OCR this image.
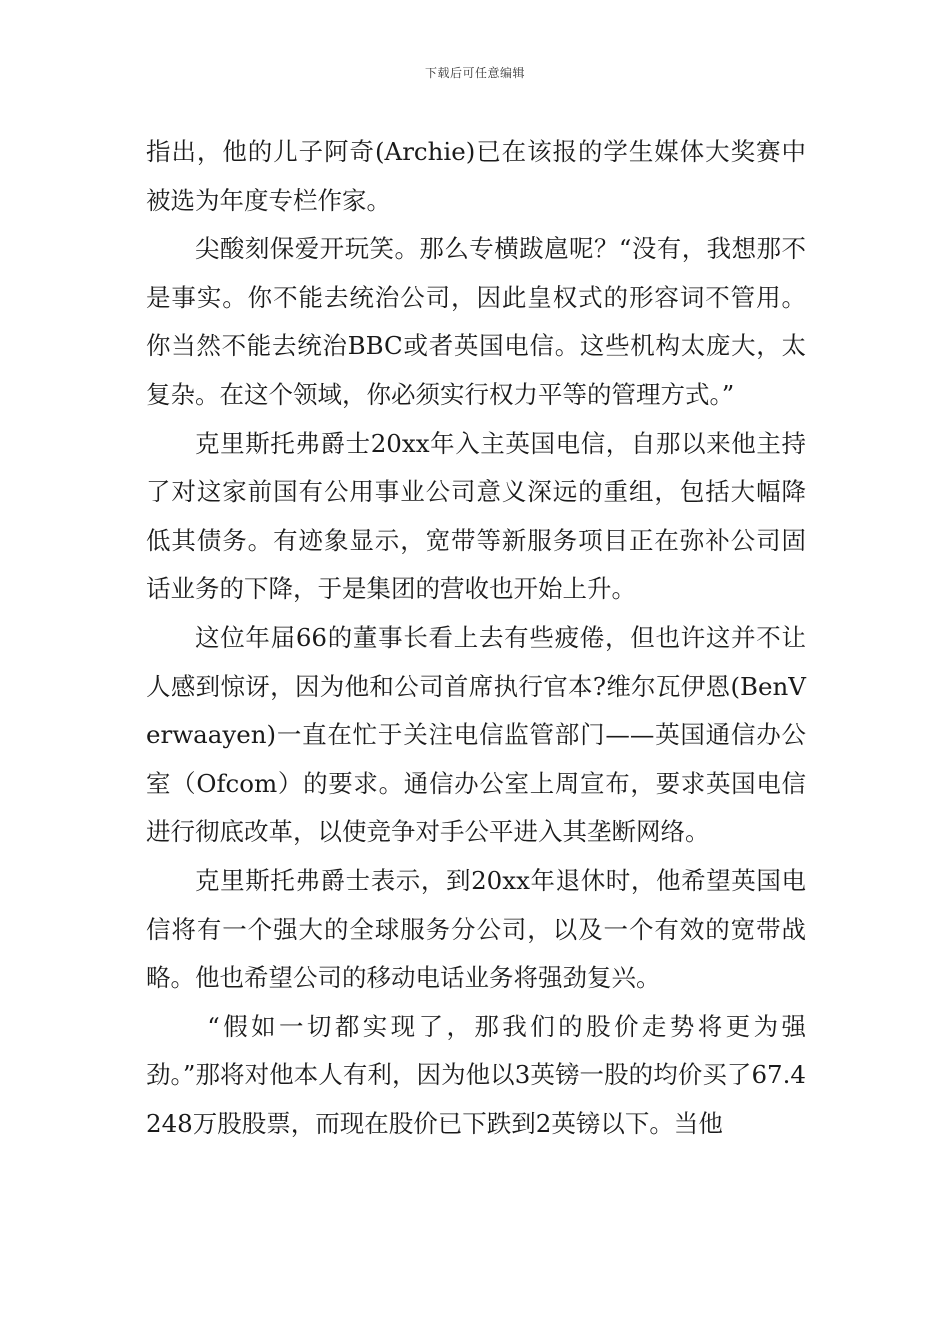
下载后可任意编辑

指出，他的儿子阿奇(Archie)已在该报的学生媒体大奖赛中被选为年度专栏作家。

尖酸刻保爱开玩笑。那么专横跋扈呢？“没有，我想那不是事实。你不能去统治公司，因此皇权式的形容词不管用。你当然不能去统治BBC或者英国电信。这些机构太庞大，太复杂。在这个领域，你必须实行权力平等的管理方式。”

克里斯托弗爵士20xx年入主英国电信，自那以来他主持了对这家前国有公用事业公司意义深远的重组，包括大幅降低其债务。有迹象显示，宽带等新服务项目正在弥补公司固话业务的下降，于是集团的营收也开始上升。

这位年届66的董事长看上去有些疲倦，但也许这并不让人感到惊讶，因为他和公司首席执行官本?维尔瓦伊恩(BenVerwaayen)一直在忙于关注电信监管部门——英国通信办公室（Ofcom）的要求。通信办公室上周宣布，要求英国电信进行彻底改革，以使竞争对手公平进入其垄断网络。

克里斯托弗爵士表示，到20xx年退休时，他希望英国电信将有一个强大的全球服务分公司，以及一个有效的宽带战略。他也希望公司的移动电话业务将强劲复兴。

“假如一切都实现了，那我们的股价走势将更为强劲。”那将对他本人有利，因为他以3英镑一股的均价买了67.4248万股股票，而现在股价已下跌到2英镑以下。当他
